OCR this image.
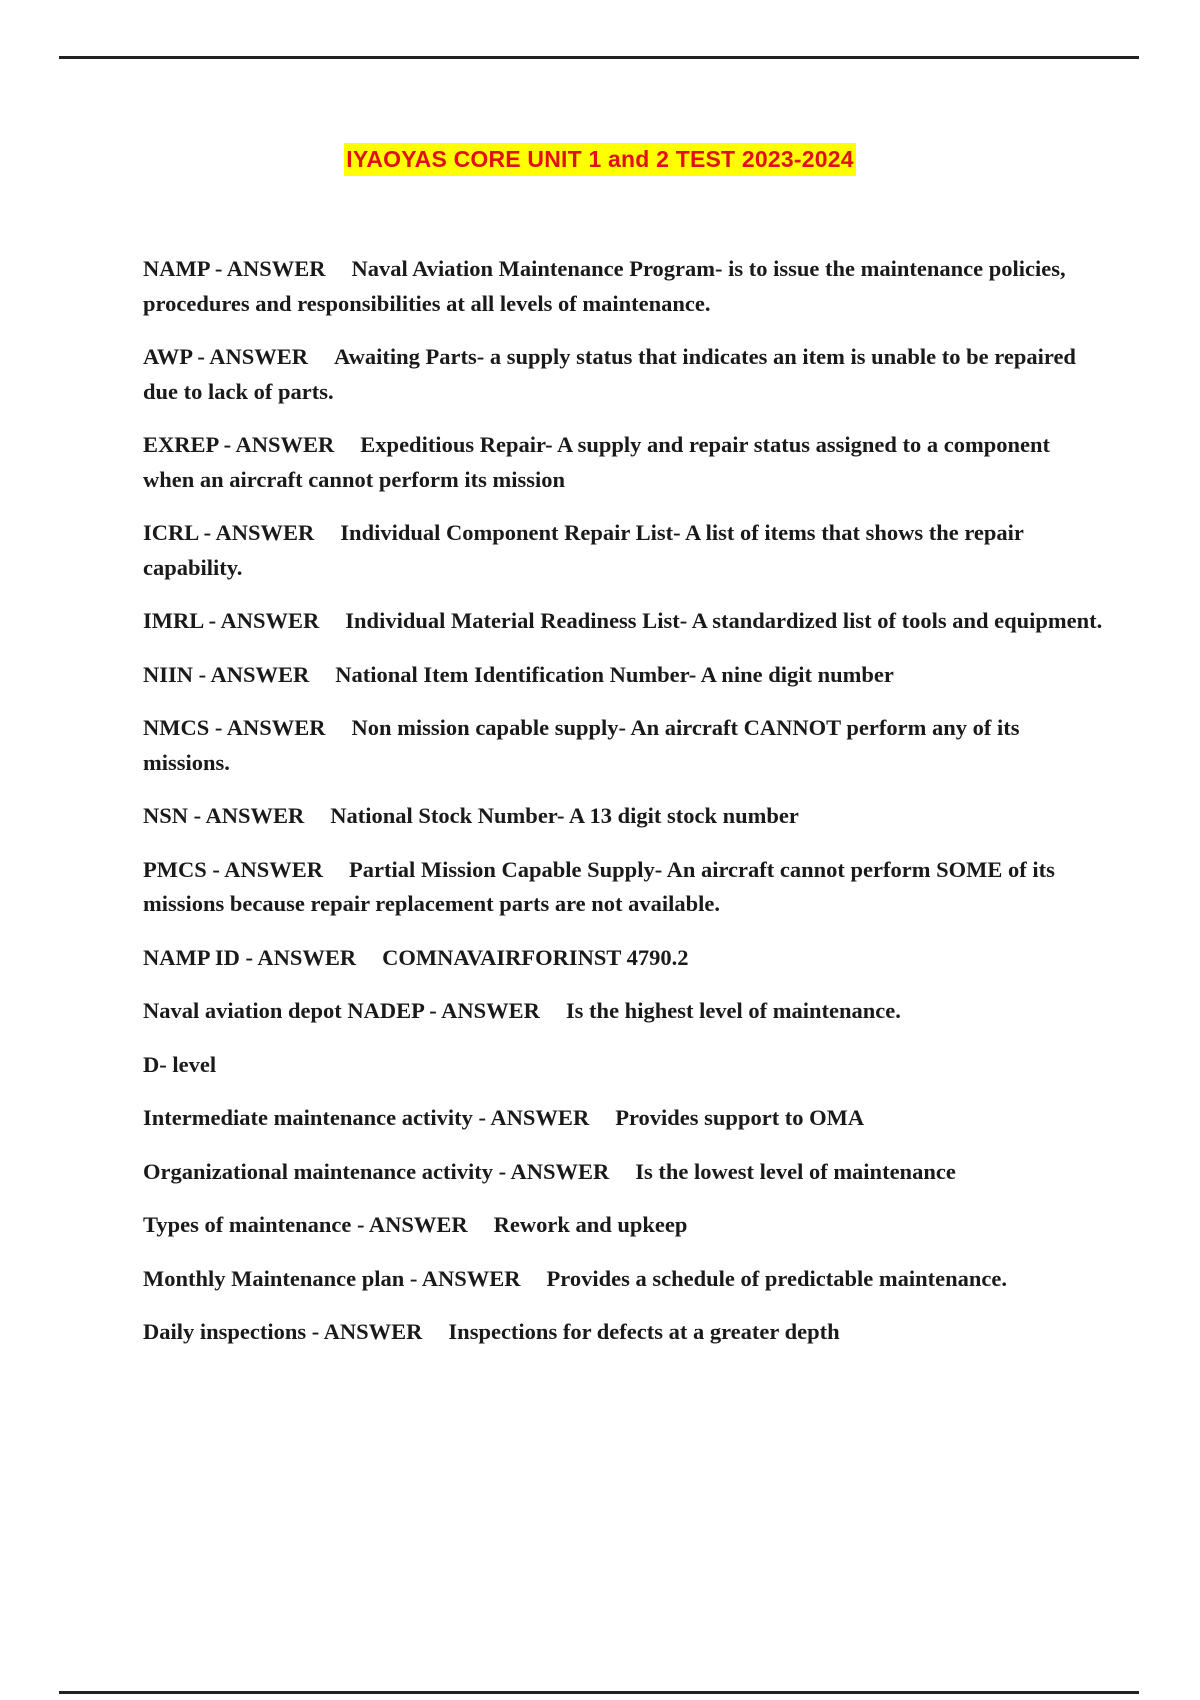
IYAOYAS CORE UNIT 1 and 2 TEST 2023-2024

NAMP - ANSWER Naval Aviation Maintenance Program- is to issue the maintenance policies, procedures and responsibilities at all levels of maintenance.

AWP - ANSWER Awaiting Parts- a supply status that indicates an item is unable to be repaired due to lack of parts.

EXREP - ANSWER Expeditious Repair- A supply and repair status assigned to a component when an aircraft cannot perform its mission

ICRL - ANSWER Individual Component Repair List- A list of items that shows the repair capability.

IMRL - ANSWER Individual Material Readiness List- A standardized list of tools and equipment.

NIIN - ANSWER National Item Identification Number- A nine digit number

NMCS - ANSWER Non mission capable supply- An aircraft CANNOT perform any of its missions.

NSN - ANSWER National Stock Number- A 13 digit stock number

PMCS - ANSWER Partial Mission Capable Supply- An aircraft cannot perform SOME of its missions because repair replacement parts are not available.

NAMP ID - ANSWER COMNAVAIRFORINST 4790.2

Naval aviation depot NADEP - ANSWER Is the highest level of maintenance.

D- level

Intermediate maintenance activity - ANSWER Provides support to OMA

Organizational maintenance activity - ANSWER Is the lowest level of maintenance

Types of maintenance - ANSWER Rework and upkeep

Monthly Maintenance plan - ANSWER Provides a schedule of predictable maintenance.

Daily inspections - ANSWER Inspections for defects at a greater depth
